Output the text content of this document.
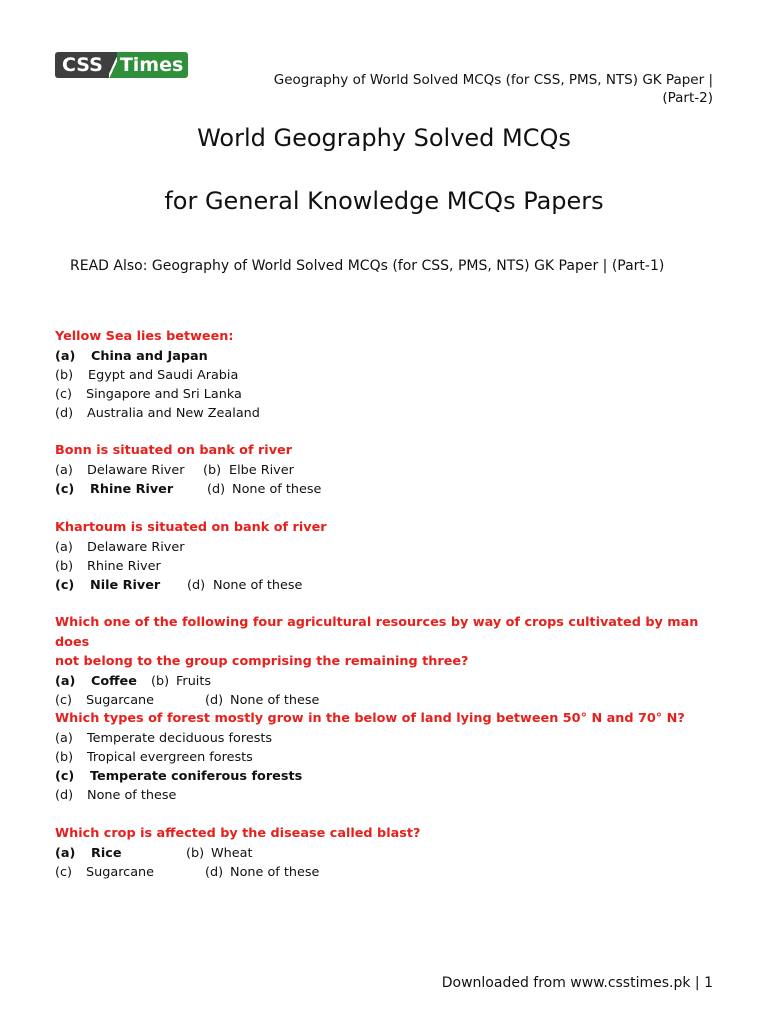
CSS Times
Geography of World Solved MCQs (for CSS, PMS, NTS) GK Paper |
(Part-2)
World Geography Solved MCQs
for General Knowledge MCQs Papers
READ Also: Geography of World Solved MCQs (for CSS, PMS, NTS) GK Paper | (Part-1)

Yellow Sea lies between:

(a) China and Japan
(b) Egypt and Saudi Arabia
(c) Singapore and Sri Lanka
(d) Australia and New Zealand

Bonn is situated on bank of river

(a) Delaware River (b) Elbe River
(c) Rhine River	(d) None of these

Khartoum is situated on bank of river

(a) Delaware River
(b) Rhine River
(c) Nile River (d) None of these

Which one of the following four agricultural resources by way of crops cultivated by man does
not belong to the group comprising the remaining three?

(a) Coffee (b) Fruits
(c) Sugarcane	(d) None of these

Which types of forest mostly grow in the below of land lying between 50° N and 70° N?

(a) Temperate deciduous forests
(b) Tropical evergreen forests
(c) Temperate coniferous forests
(d) None of these

Which crop is affected by the disease called blast?

(a) Rice	(b) Wheat
(c) Sugarcane	(d) None of these
Downloaded from www.csstimes.pk | 1
